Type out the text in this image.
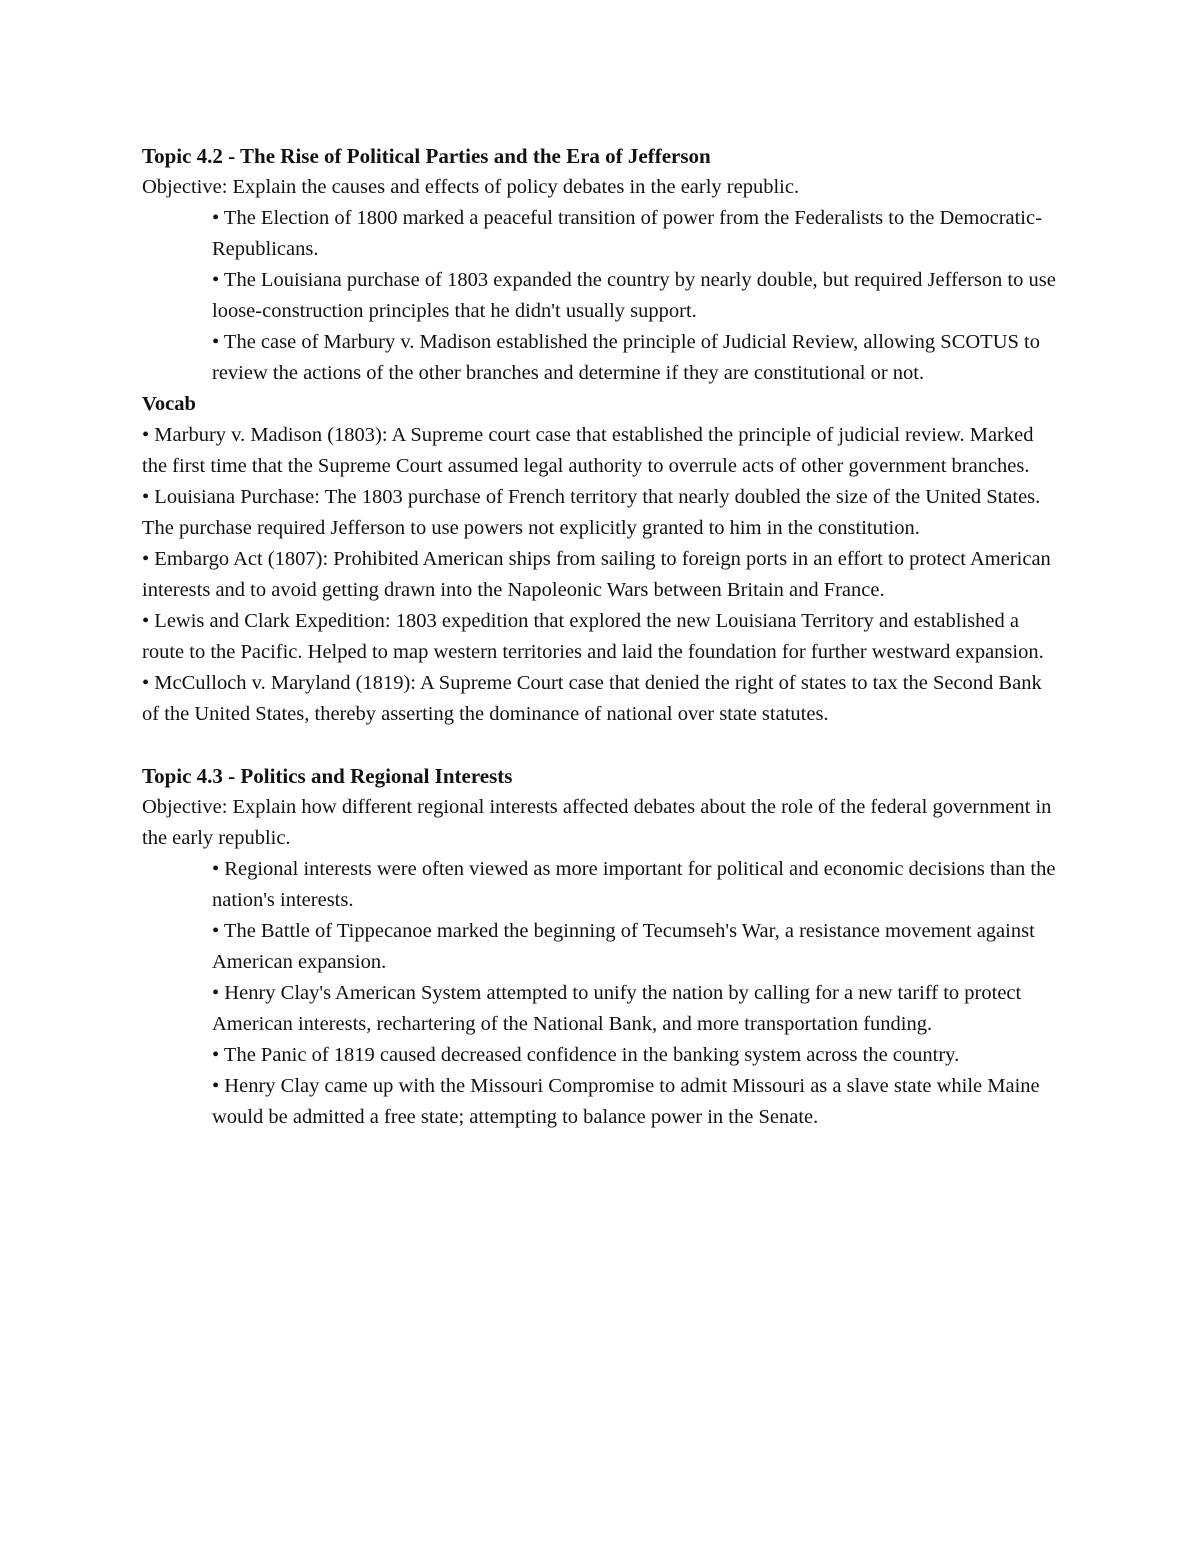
Topic 4.2 - The Rise of Political Parties and the Era of Jefferson

Objective: Explain the causes and effects of policy debates in the early republic.

• The Election of 1800 marked a peaceful transition of power from the Federalists to the Democratic-Republicans.
• The Louisiana purchase of 1803 expanded the country by nearly double, but required Jefferson to use loose-construction principles that he didn't usually support.
• The case of Marbury v. Madison established the principle of Judicial Review, allowing SCOTUS to review the actions of the other branches and determine if they are constitutional or not.

Vocab

• Marbury v. Madison (1803): A Supreme court case that established the principle of judicial review. Marked the first time that the Supreme Court assumed legal authority to overrule acts of other government branches.
• Louisiana Purchase: The 1803 purchase of French territory that nearly doubled the size of the United States. The purchase required Jefferson to use powers not explicitly granted to him in the constitution.
• Embargo Act (1807): Prohibited American ships from sailing to foreign ports in an effort to protect American interests and to avoid getting drawn into the Napoleonic Wars between Britain and France.
• Lewis and Clark Expedition: 1803 expedition that explored the new Louisiana Territory and established a route to the Pacific. Helped to map western territories and laid the foundation for further westward expansion.
• McCulloch v. Maryland (1819): A Supreme Court case that denied the right of states to tax the Second Bank of the United States, thereby asserting the dominance of national over state statutes.
Topic 4.3 - Politics and Regional Interests

Objective: Explain how different regional interests affected debates about the role of the federal government in the early republic.

• Regional interests were often viewed as more important for political and economic decisions than the nation's interests.
• The Battle of Tippecanoe marked the beginning of Tecumseh's War, a resistance movement against American expansion.
• Henry Clay's American System attempted to unify the nation by calling for a new tariff to protect American interests, rechartering of the National Bank, and more transportation funding.
• The Panic of 1819 caused decreased confidence in the banking system across the country.
• Henry Clay came up with the Missouri Compromise to admit Missouri as a slave state while Maine would be admitted a free state; attempting to balance power in the Senate.
